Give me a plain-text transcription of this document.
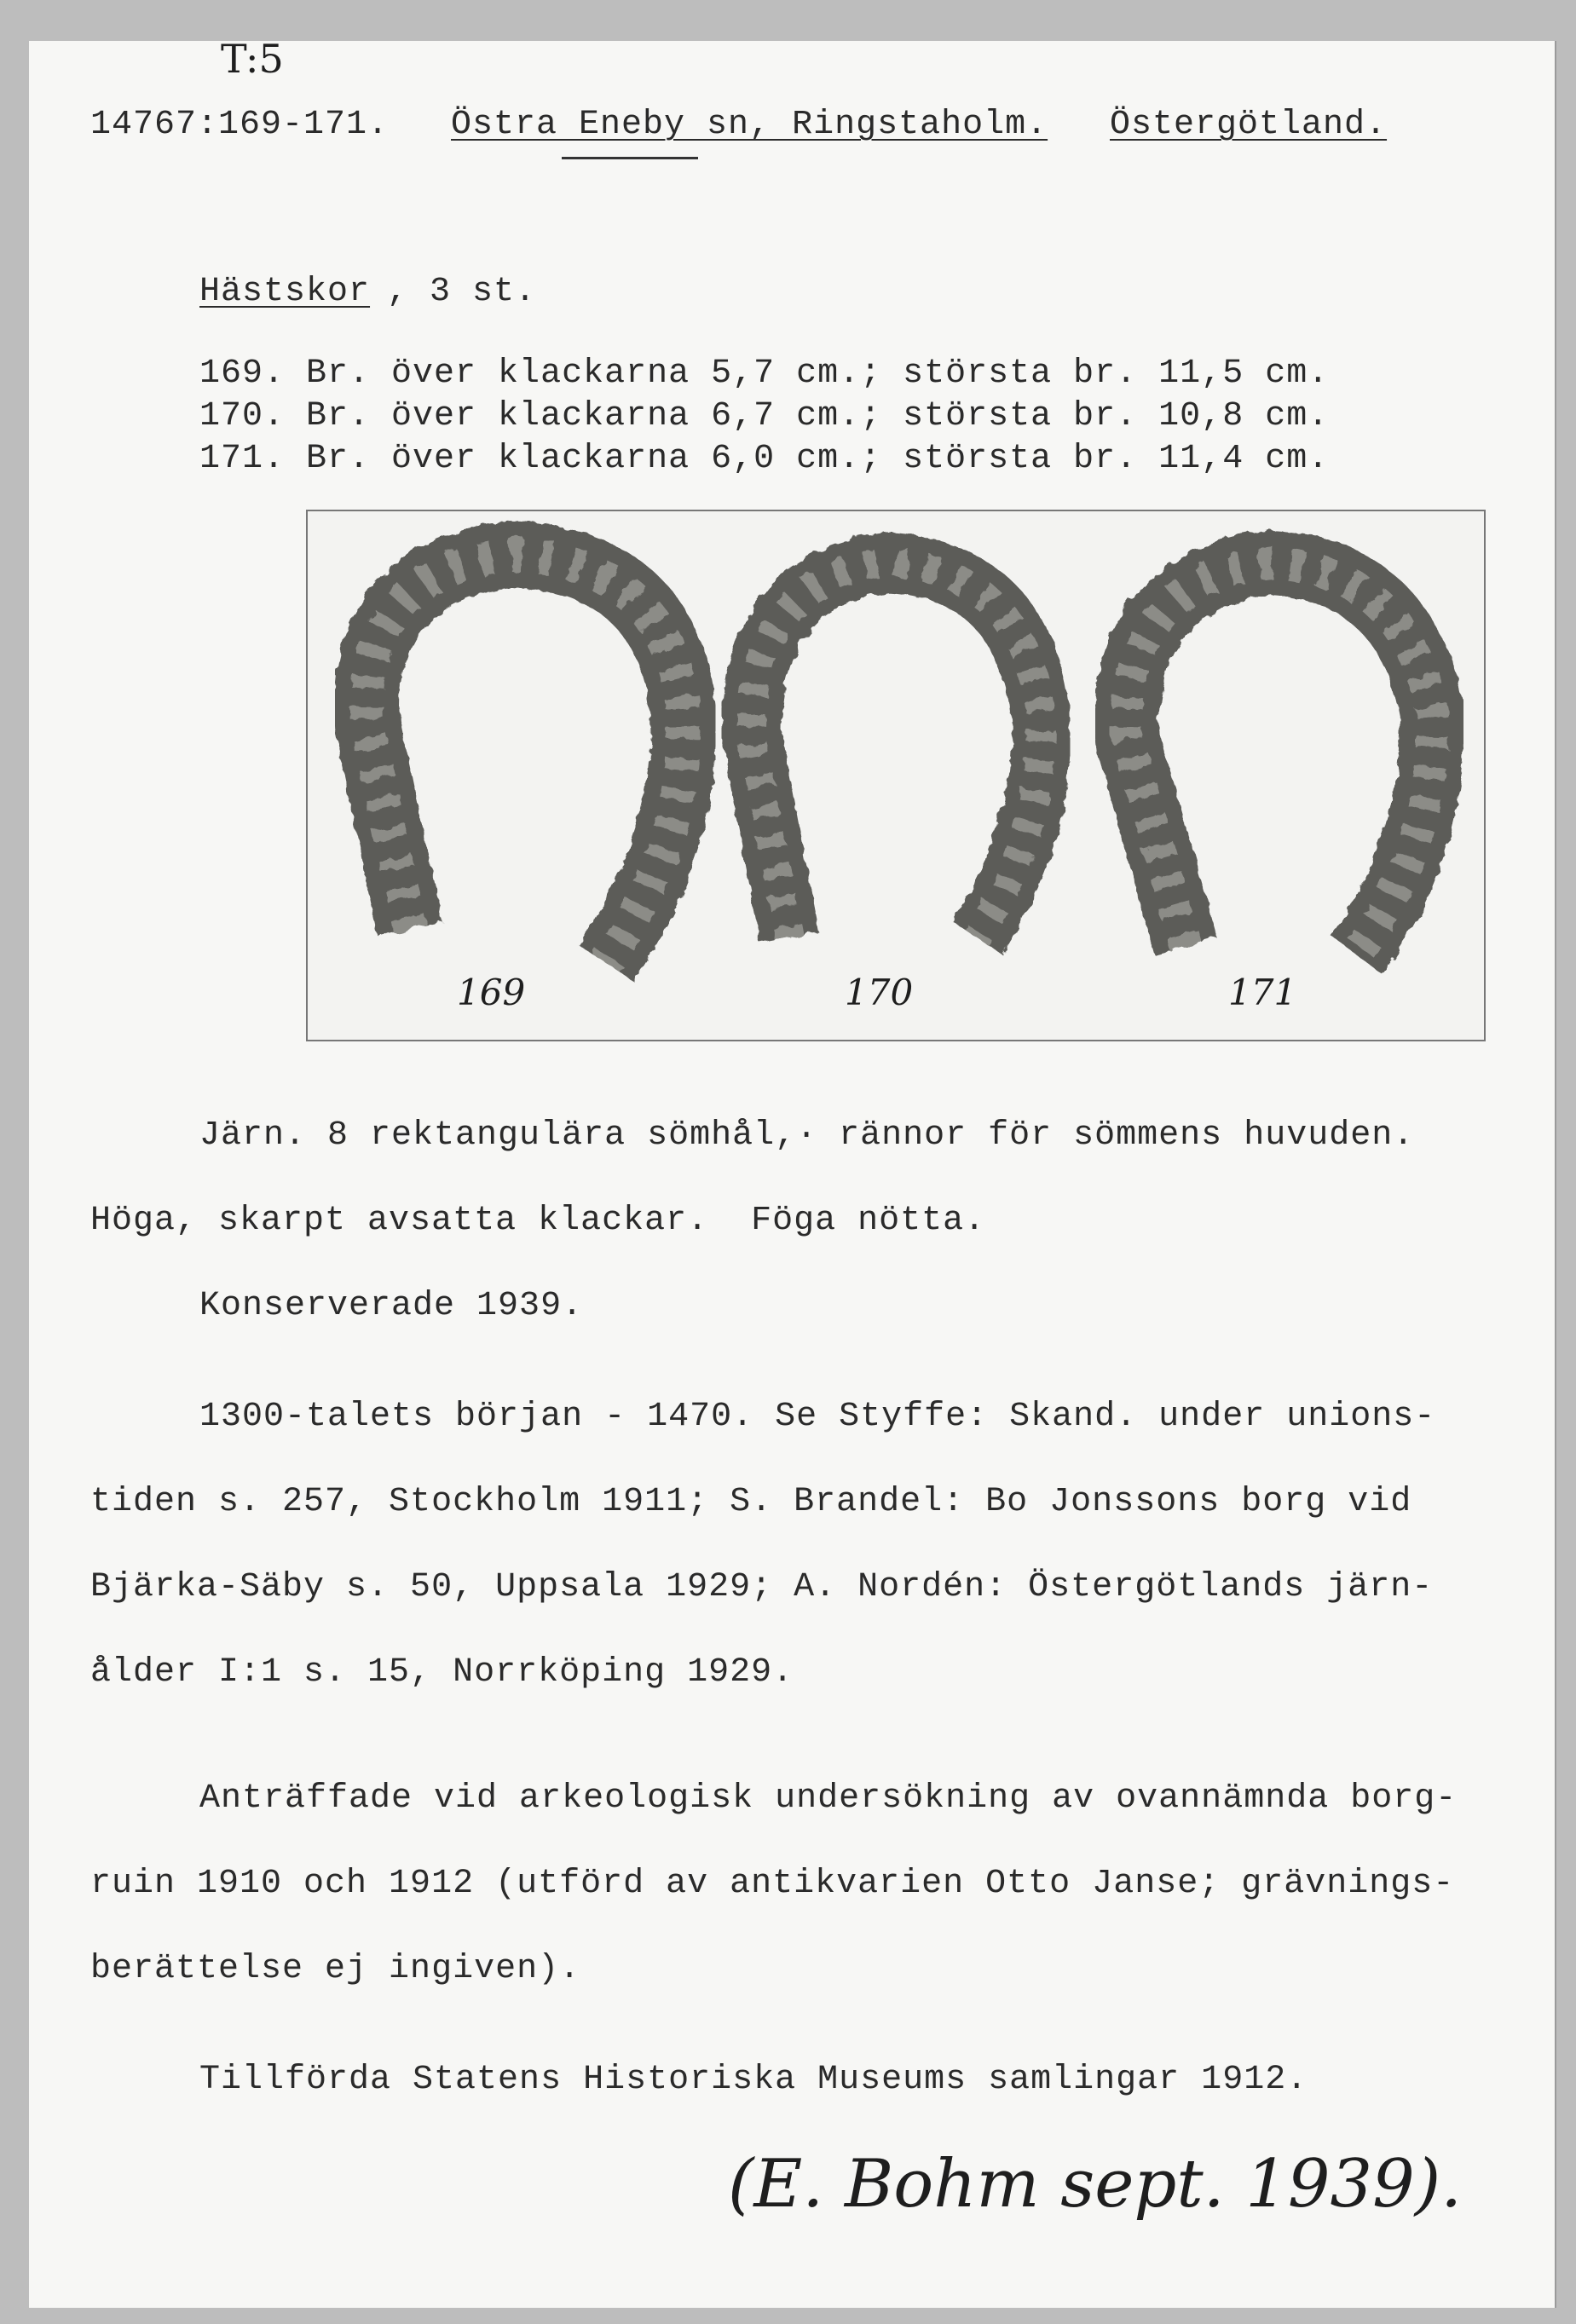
T:5
14767:169-171. Östra Eneby sn, Ringstaholm. Östergötland.
Hästskor , 3 st.
169. Br. över klackarna 5,7 cm.; största br. 11,5 cm.
170. Br. över klackarna 6,7 cm.; största br. 10,8 cm.
171. Br. över klackarna 6,0 cm.; största br. 11,4 cm.
169	170	171
Järn. 8 rektangulära sömhål,· rännor för sömmens huvuden.
Höga, skarpt avsatta klackar.  Föga nötta.
Konserverade 1939.
1300-talets början - 1470. Se Styffe: Skand. under unions-
tiden s. 257, Stockholm 1911; S. Brandel: Bo Jonssons borg vid
Bjärka-Säby s. 50, Uppsala 1929; A. Nordén: Östergötlands järn-
ålder I:1 s. 15, Norrköping 1929.
Anträffade vid arkeologisk undersökning av ovannämnda borg-
ruin 1910 och 1912 (utförd av antikvarien Otto Janse; grävnings-
berättelse ej ingiven).
Tillförda Statens Historiska Museums samlingar 1912.
(E. Bohm sept. 1939).
